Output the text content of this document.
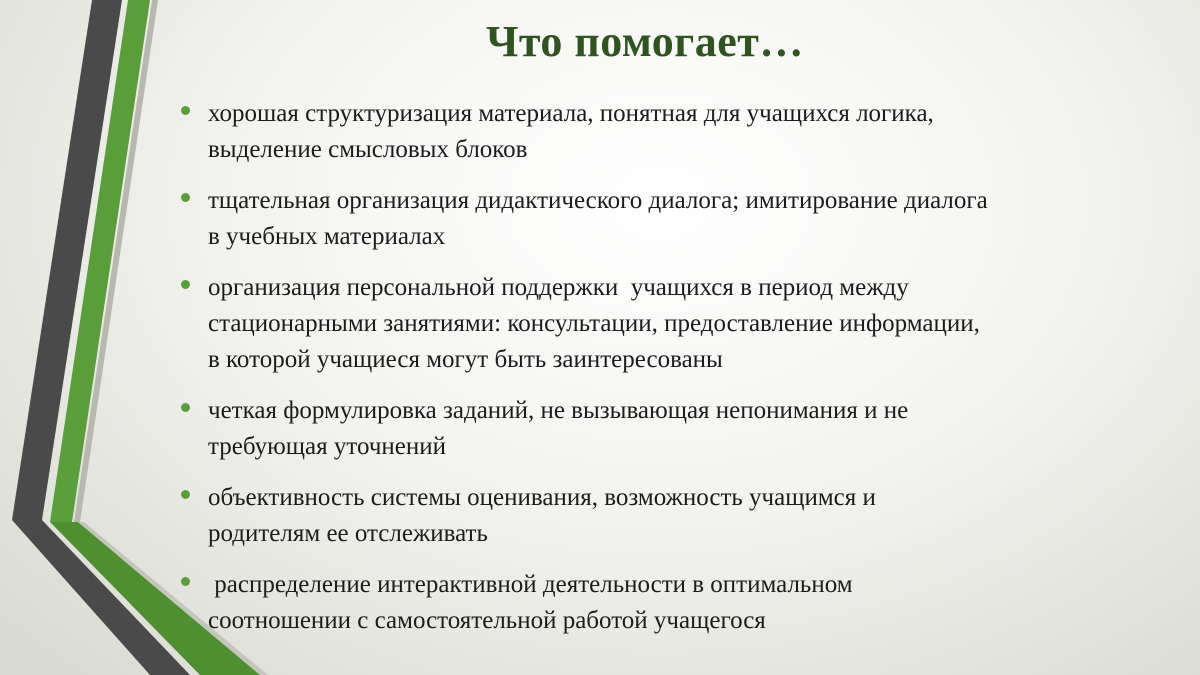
Что помогает…
хорошая структуризация материала, понятная для учащихся логика,
выделение смысловых блоков
тщательная организация дидактического диалога; имитирование диалога
в учебных материалах
организация персональной поддержки  учащихся в период между
стационарными занятиями: консультации, предоставление информации,
в которой учащиеся могут быть заинтересованы
четкая формулировка заданий, не вызывающая непонимания и не
требующая уточнений
объективность системы оценивания, возможность учащимся и
родителям ее отслеживать
распределение интерактивной деятельности в оптимальном
соотношении с самостоятельной работой учащегося
